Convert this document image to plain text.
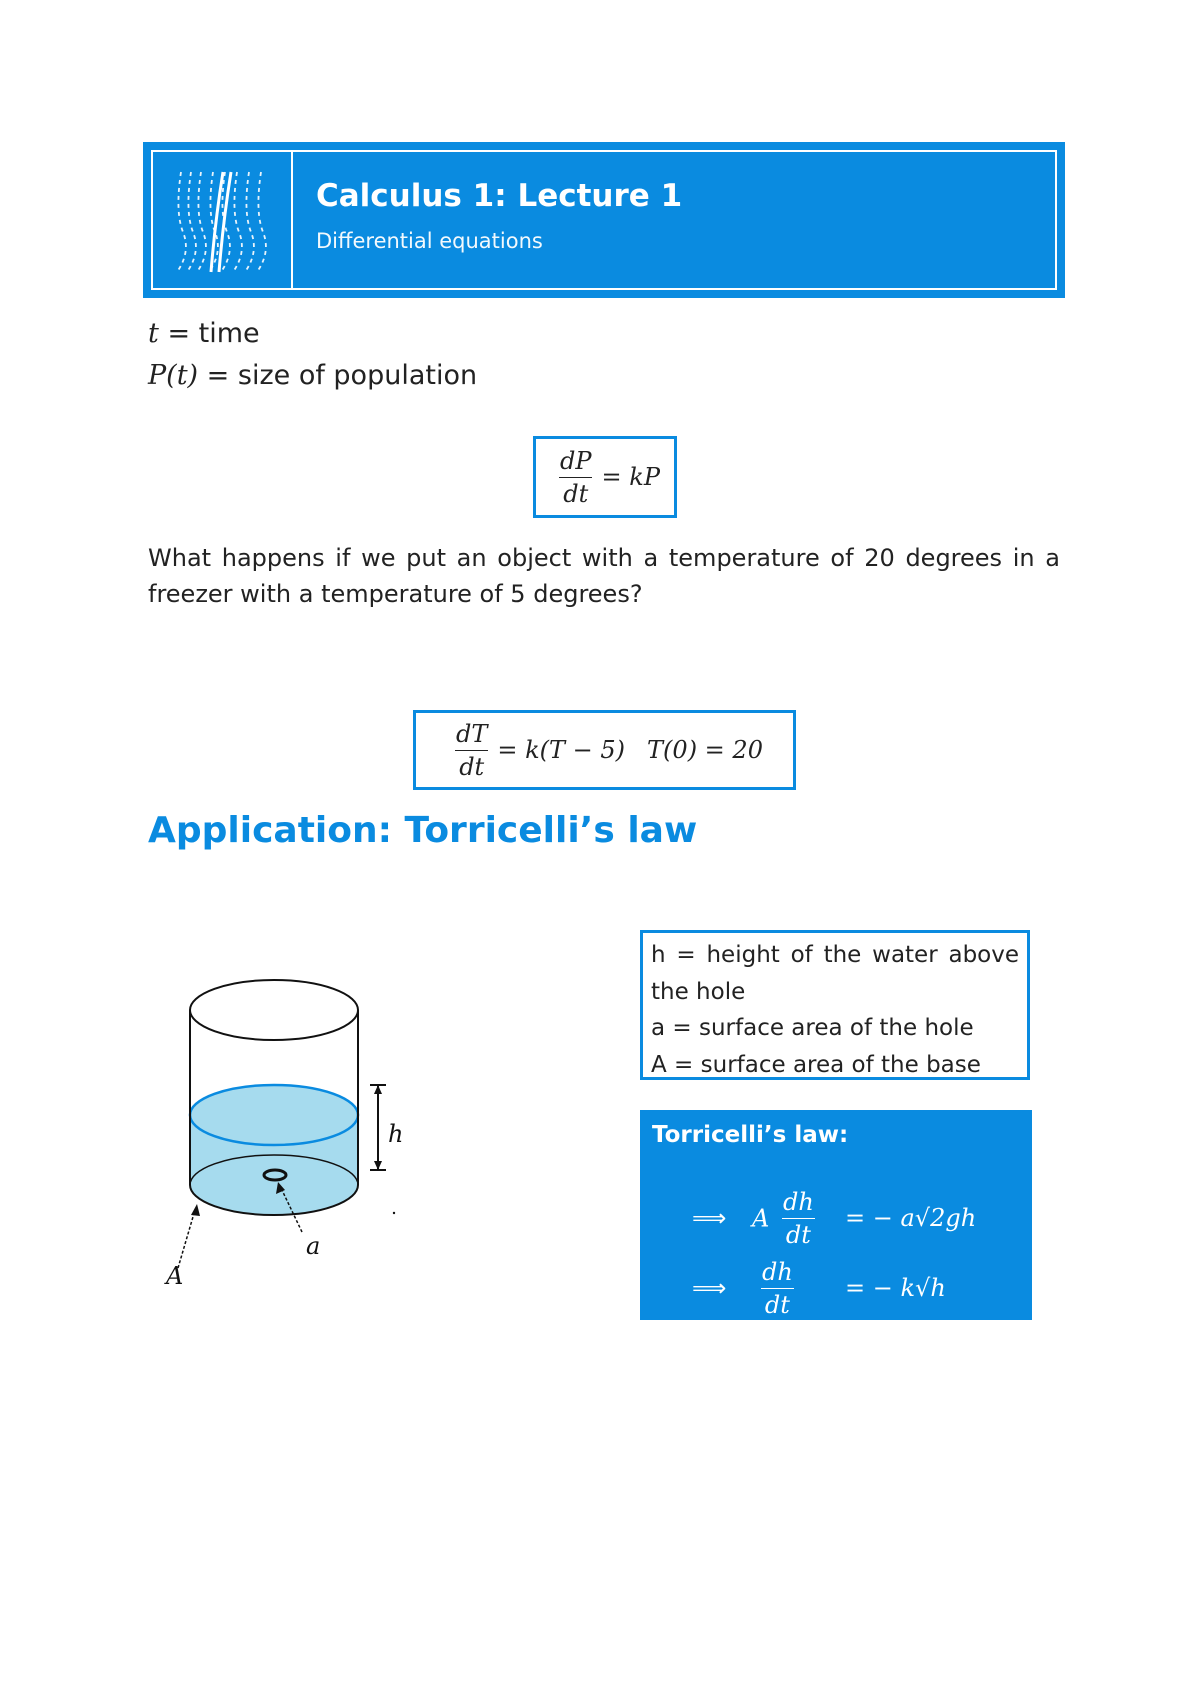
Calculus 1: Lecture 1
Differential equations
t = time
P(t) = size of population
$\frac{dP}{dt}$ = kP
What happens if we put an object with a temperature of 20 degrees in a freezer with a temperature of 5 degrees?
$\frac{dT}{dt} = k(T - 5) T(0) = 20$
Application: Torricelli’s law
h
a
A
h = height of the water above the hole
a = surface area of the hole
A = surface area of the base
Torricelli’s law:
⟹ A $\frac{dh}{dt}$ = − a√2gh
⟹ $\frac{dh}{dt}$ = − k√h
